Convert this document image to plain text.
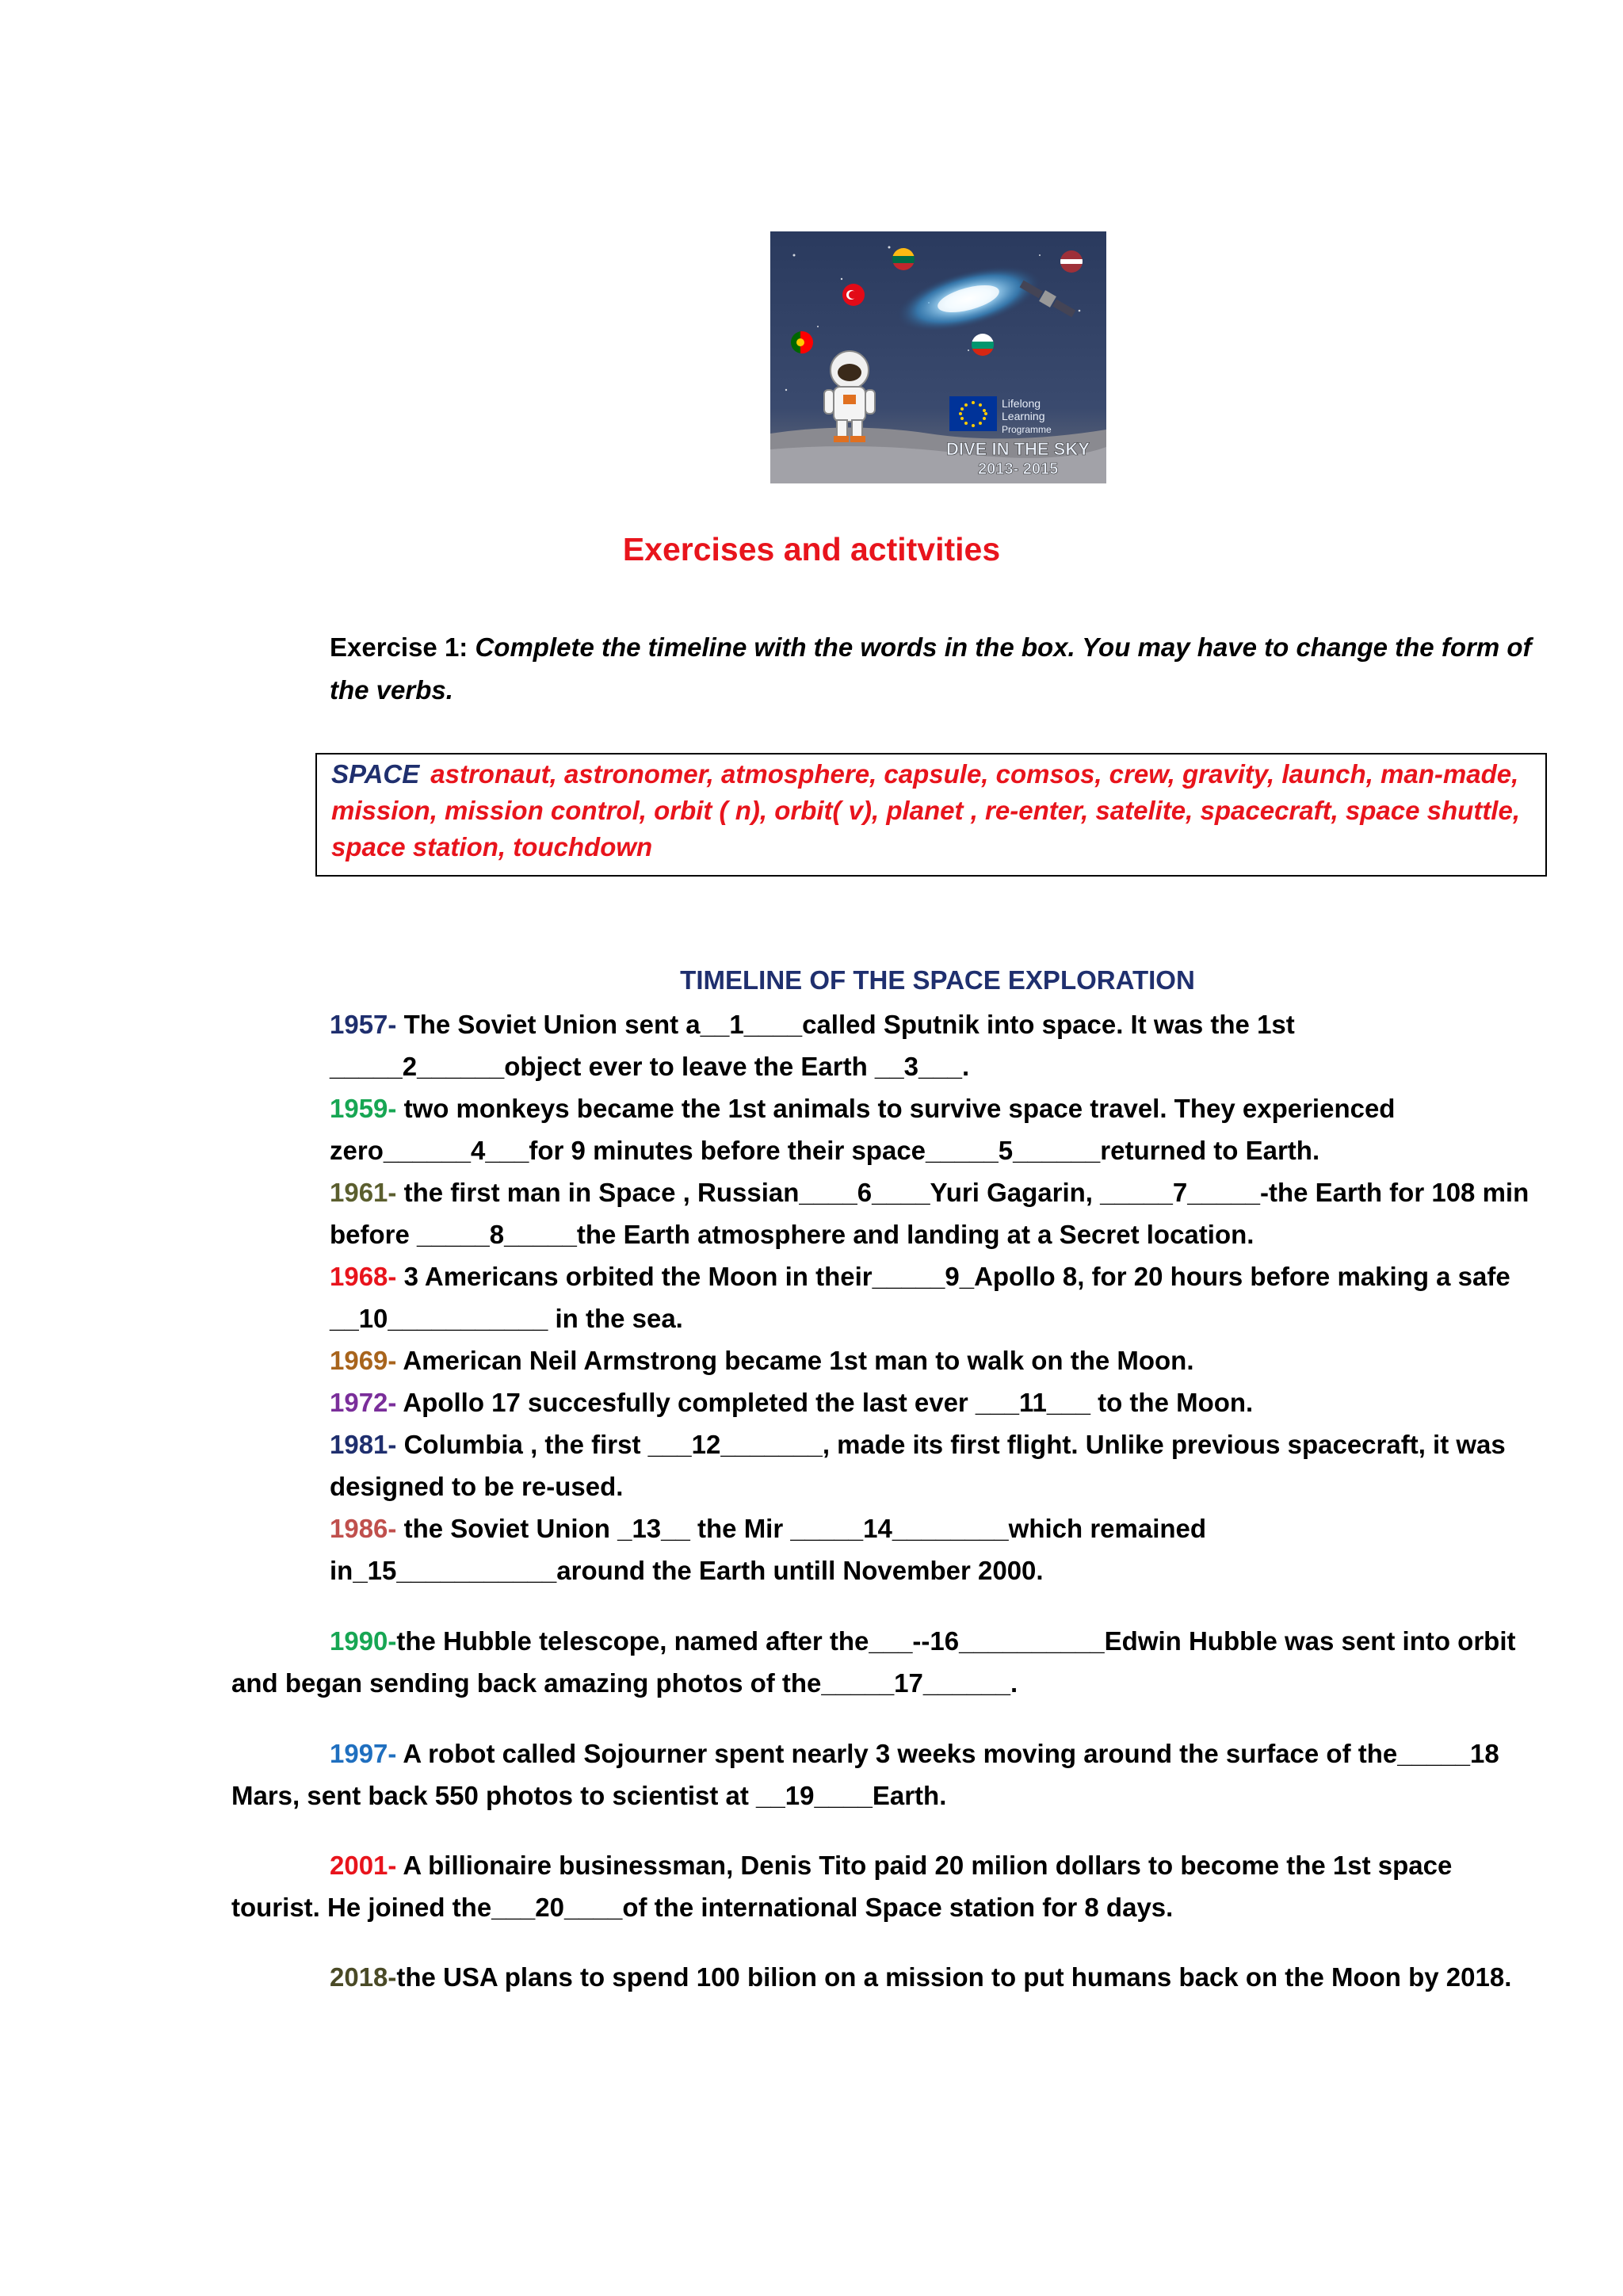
Lifelong
Learning
Programme
DIVE IN THE SKY
2013- 2015
Exercises and actitvities
Exercise 1: Complete the timeline with the words in the box. You may have to change the form of the verbs.
SPACE astronaut, astronomer, atmosphere, capsule, comsos, crew, gravity, launch, man-made, mission, mission control, orbit ( n), orbit( v), planet , re-enter, satelite, spacecraft, space shuttle, space station, touchdown
TIMELINE OF THE SPACE EXPLORATION
1957- The Soviet Union sent a__1____called Sputnik into space. It was the 1st
_____2______object ever to leave the Earth __3___.
1959- two monkeys became the 1st animals to survive space travel. They experienced
zero______4___for 9 minutes before their space_____5______returned to Earth.
1961- the first man in Space , Russian____6____Yuri Gagarin, _____7_____-the Earth for 108 min
before _____8_____the Earth atmosphere and landing at a Secret location.
1968- 3 Americans orbited the Moon in their_____9_Apollo 8, for 20 hours before making a safe
__10___________ in the sea.
1969- American Neil Armstrong became 1st man to walk on the Moon.
1972- Apollo 17 succesfully completed the last ever ___11___ to the Moon.
1981- Columbia , the first ___12_______, made its first flight. Unlike previous spacecraft, it was
designed to be re-used.
1986- the Soviet Union _13__ the Mir _____14________which remained
in_15___________around the Earth untill November 2000.
1990-the Hubble telescope, named after the___--16__________Edwin Hubble was sent into orbit
and began sending back amazing photos of the_____17______.
1997- A robot called Sojourner spent nearly 3 weeks moving around the surface of the_____18
Mars, sent back 550 photos to scientist at __19____Earth.
2001- A billionaire businessman, Denis Tito paid 20 milion dollars to become the 1st space
tourist. He joined the___20____of the international Space station for 8 days.
2018-the USA plans to spend 100 bilion on a mission to put humans back on the Moon by 2018.
